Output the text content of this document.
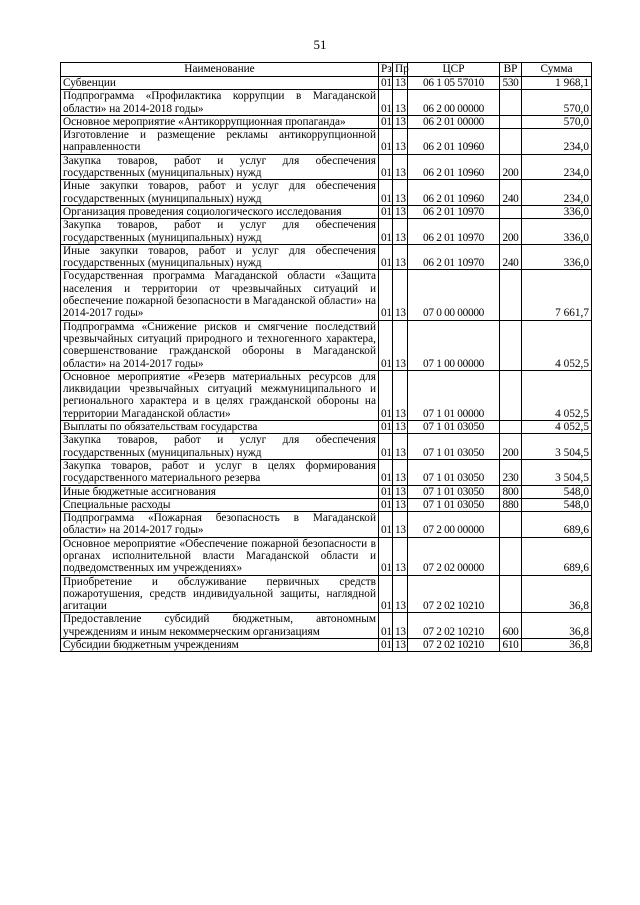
51
Наименование	Рз	Пр	ЦСР	ВР	Сумма
Субвенции	01	13	06 1 05 57010	530	1 968,1
Подпрограмма «Профилактика коррупции в Магаданской области» на 2014-2018 годы»	01	13	06 2 00 00000		570,0
Основное мероприятие «Антикоррупционная пропаганда»	01	13	06 2 01 00000		570,0
Изготовление и размещение рекламы антикоррупционной направленности	01	13	06 2 01 10960		234,0
Закупка товаров, работ и услуг для обеспечения государственных (муниципальных) нужд	01	13	06 2 01 10960	200	234,0
Иные закупки товаров, работ и услуг для обеспечения государственных (муниципальных) нужд	01	13	06 2 01 10960	240	234,0
Организация проведения социологического исследования	01	13	06 2 01 10970		336,0
Закупка товаров, работ и услуг для обеспечения государственных (муниципальных) нужд	01	13	06 2 01 10970	200	336,0
Иные закупки товаров, работ и услуг для обеспечения государственных (муниципальных) нужд	01	13	06 2 01 10970	240	336,0
Государственная программа Магаданской области «Защита населения и территории от чрезвычайных ситуаций и обеспечение пожарной безопасности в Магаданской области» на 2014-2017 годы»	01	13	07 0 00 00000		7 661,7
Подпрограмма «Снижение рисков и смягчение последствий чрезвычайных ситуаций природного и техногенного характера, совершенствование гражданской обороны в Магаданской области» на 2014-2017 годы»	01	13	07 1 00 00000		4 052,5
Основное мероприятие «Резерв материальных ресурсов для ликвидации чрезвычайных ситуаций межмуниципального и регионального характера и в целях гражданской обороны на территории Магаданской области»	01	13	07 1 01 00000		4 052,5
Выплаты по обязательствам государства	01	13	07 1 01 03050		4 052,5
Закупка товаров, работ и услуг для обеспечения государственных (муниципальных) нужд	01	13	07 1 01 03050	200	3 504,5
Закупка товаров, работ и услуг в целях формирования государственного материального резерва	01	13	07 1 01 03050	230	3 504,5
Иные бюджетные ассигнования	01	13	07 1 01 03050	800	548,0
Специальные расходы	01	13	07 1 01 03050	880	548,0
Подпрограмма «Пожарная безопасность в Магаданской области» на 2014-2017 годы»	01	13	07 2 00 00000		689,6
Основное мероприятие «Обеспечение пожарной безопасности в органах исполнительной власти Магаданской области и подведомственных им учреждениях»	01	13	07 2 02 00000		689,6
Приобретение и обслуживание первичных средств пожаротушения, средств индивидуальной защиты, наглядной агитации	01	13	07 2 02 10210		36,8
Предоставление субсидий бюджетным, автономным учреждениям и иным некоммерческим организациям	01	13	07 2 02 10210	600	36,8
Субсидии бюджетным учреждениям	01	13	07 2 02 10210	610	36,8
